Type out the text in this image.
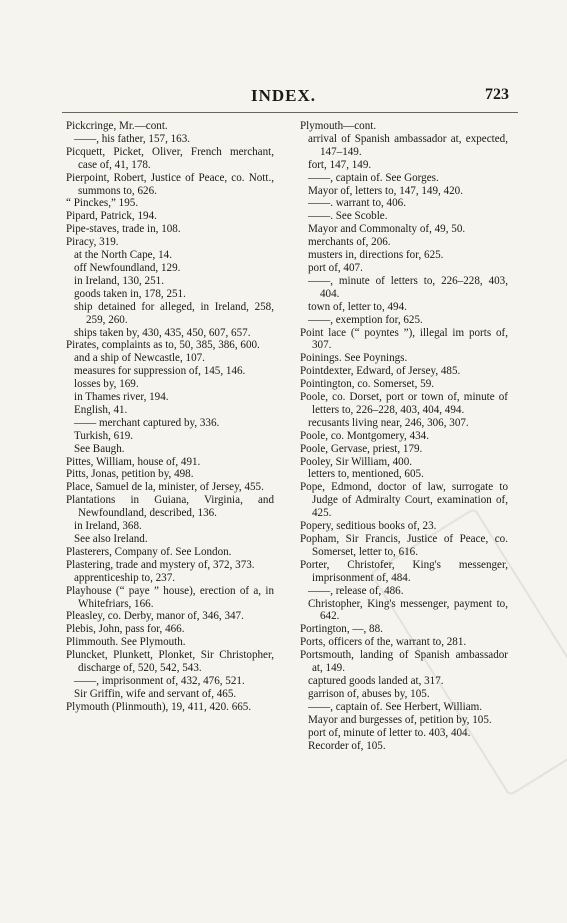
INDEX.	723

Pickcringe, Mr.—cont.

——, his father, 157, 163.

Picquett, Picket, Oliver, French merchant, case of, 41, 178.

Pierpoint, Robert, Justice of Peace, co. Nott., summons to, 626.

“ Pinckes,” 195.

Pipard, Patrick, 194.

Pipe-staves, trade in, 108.

Piracy, 319.

at the North Cape, 14.

off Newfoundland, 129.

in Ireland, 130, 251.

goods taken in, 178, 251.

ship detained for alleged, in Ireland, 258, 259, 260.

ships taken by, 430, 435, 450, 607, 657.

Pirates, complaints as to, 50, 385, 386, 600.

and a ship of Newcastle, 107.

measures for suppression of, 145, 146.

losses by, 169.

in Thames river, 194.

English, 41.

—— merchant captured by, 336.

Turkish, 619.

See Baugh.

Pittes, William, house of, 491.

Pitts, Jonas, petition by, 498.

Place, Samuel de la, minister, of Jersey, 455.

Plantations in Guiana, Virginia, and Newfoundland, described, 136.

in Ireland, 368.

See also Ireland.

Plasterers, Company of. See London.

Plastering, trade and mystery of, 372, 373.

apprenticeship to, 237.

Playhouse (“ paye ” house), erection of a, in Whitefriars, 166.

Pleasley, co. Derby, manor of, 346, 347.

Plebis, John, pass for, 466.

Plimmouth. See Plymouth.

Pluncket, Plunkett, Plonket, Sir Christopher, discharge of, 520, 542, 543.

——, imprisonment of, 432, 476, 521.

Sir Griffin, wife and servant of, 465.

Plymouth (Plinmouth), 19, 411, 420. 665.

Plymouth—cont.

arrival of Spanish ambassador at, expected, 147–149.

fort, 147, 149.

——, captain of. See Gorges.

Mayor of, letters to, 147, 149, 420.

——. warrant to, 406.

——. See Scoble.

Mayor and Commonalty of, 49, 50.

merchants of, 206.

musters in, directions for, 625.

port of, 407.

——, minute of letters to, 226–228, 403, 404.

town of, letter to, 494.

——, exemption for, 625.

Point lace (“ poyntes ”), illegal im ports of, 307.

Poinings. See Poynings.

Pointdexter, Edward, of Jersey, 485.

Pointington, co. Somerset, 59.

Poole, co. Dorset, port or town of, minute of letters to, 226–228, 403, 404, 494.

recusants living near, 246, 306, 307.

Poole, co. Montgomery, 434.

Poole, Gervase, priest, 179.

Pooley, Sir William, 400.

letters to, mentioned, 605.

Pope, Edmond, doctor of law, surrogate to Judge of Admiralty Court, examination of, 425.

Popery, seditious books of, 23.

Popham, Sir Francis, Justice of Peace, co. Somerset, letter to, 616.

Porter, Christofer, King's messenger, imprisonment of, 484.

——, release of, 486.

Christopher, King's messenger, payment to, 642.

Portington, —, 88.

Ports, officers of the, warrant to, 281.

Portsmouth, landing of Spanish ambassador at, 149.

captured goods landed at, 317.

garrison of, abuses by, 105.

——, captain of. See Herbert, William.

Mayor and burgesses of, petition by, 105.

port of, minute of letter to. 403, 404.

Recorder of, 105.
